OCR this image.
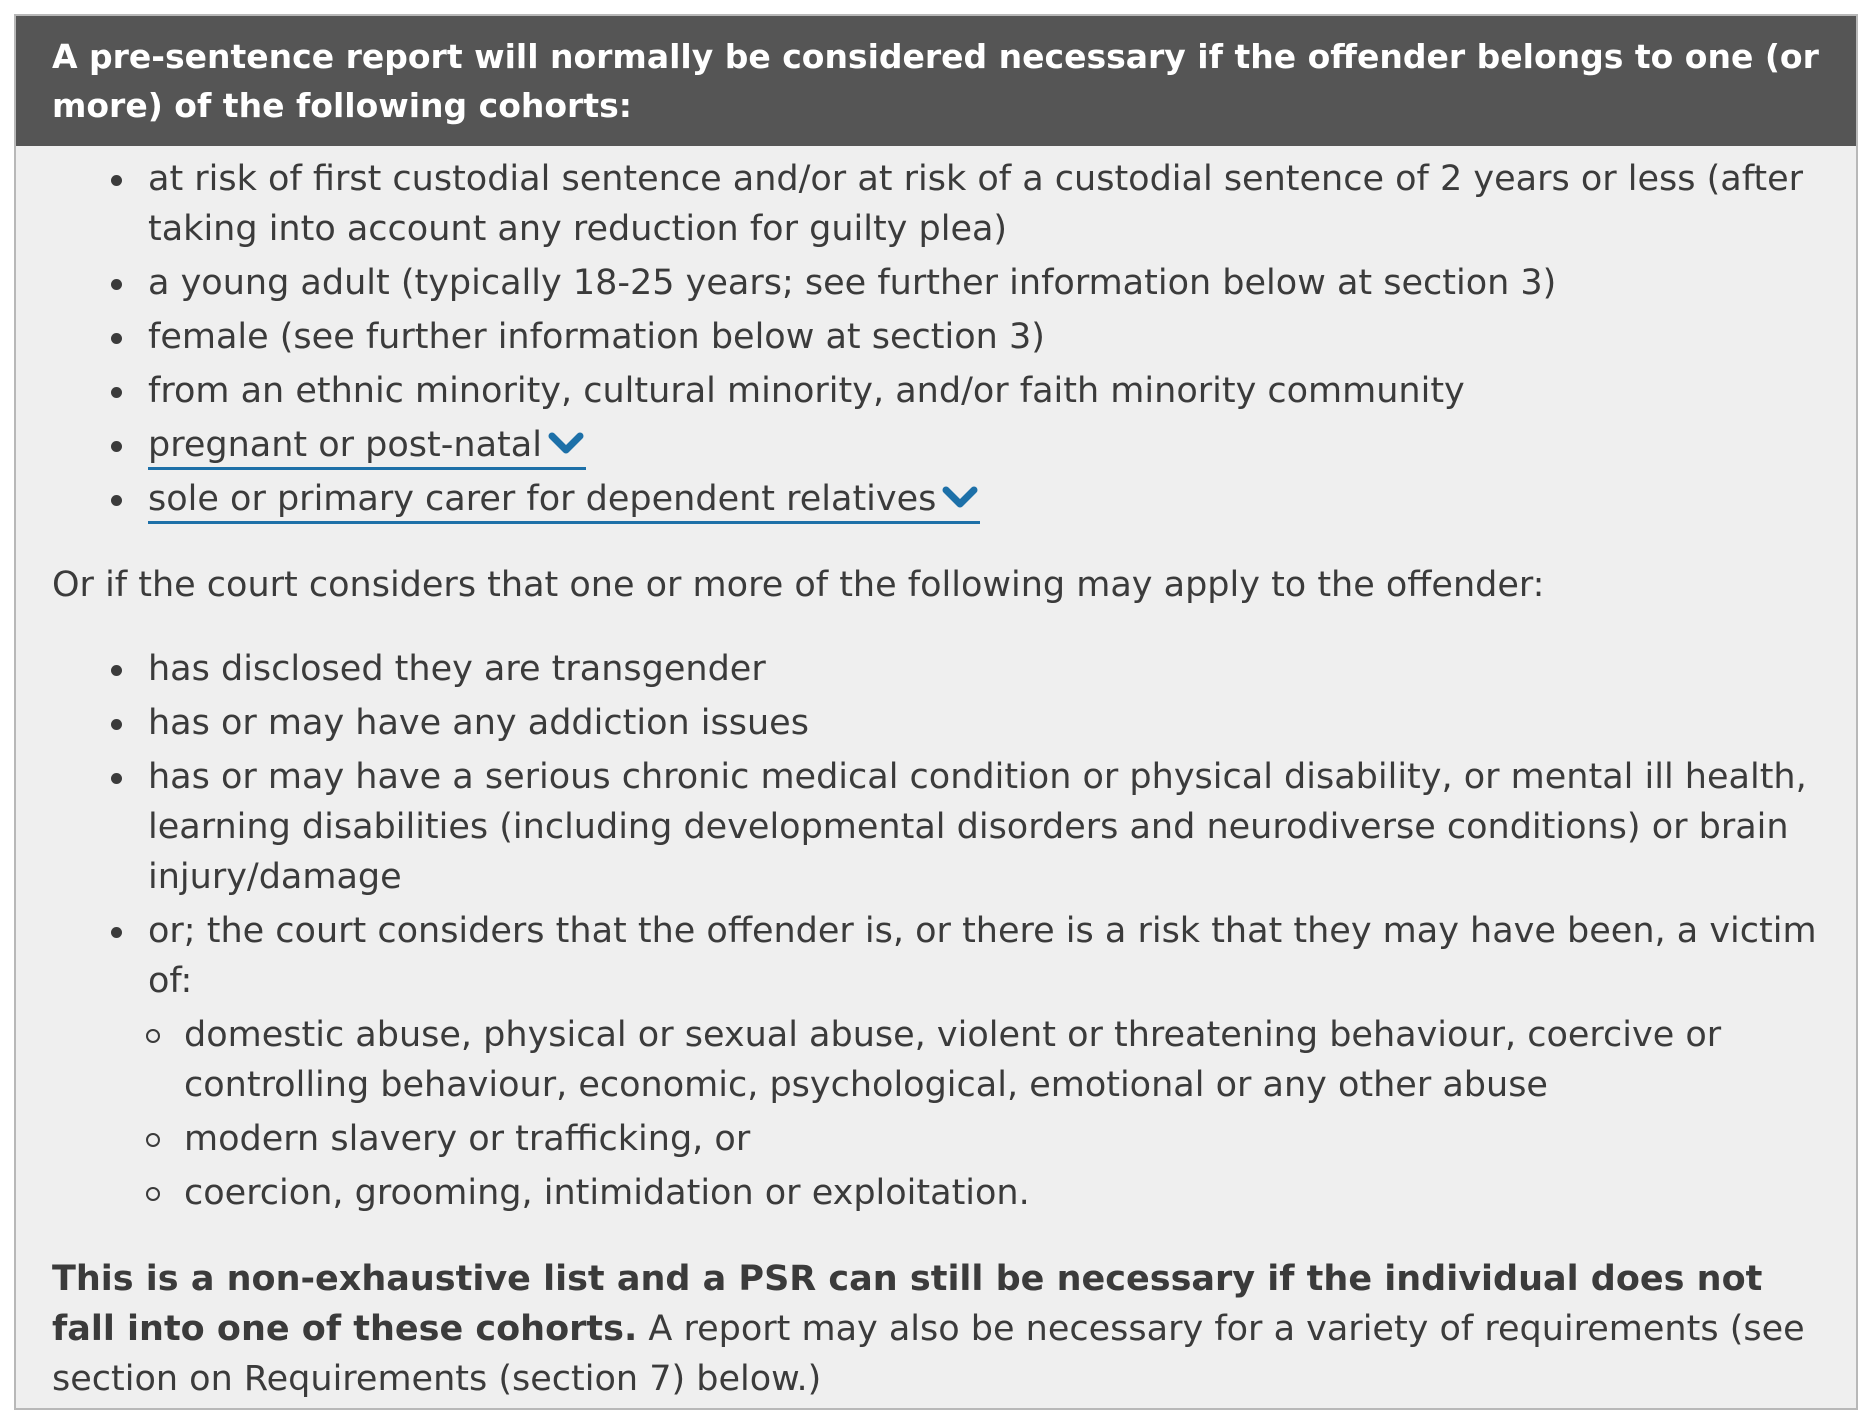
A pre-sentence report will normally be considered necessary if the offender belongs to one (or more) of the following cohorts:
at risk of first custodial sentence and/or at risk of a custodial sentence of 2 years or less (after taking into account any reduction for guilty plea)
a young adult (typically 18-25 years; see further information below at section 3)
female (see further information below at section 3)
from an ethnic minority, cultural minority, and/or faith minority community
pregnant or post-natal
sole or primary carer for dependent relatives

Or if the court considers that one or more of the following may apply to the offender:

has disclosed they are transgender
has or may have any addiction issues
has or may have a serious chronic medical condition or physical disability, or mental ill health, learning disabilities (including developmental disorders and neurodiverse conditions) or brain injury/damage
or; the court considers that the offender is, or there is a risk that they may have been, a victim of:
domestic abuse, physical or sexual abuse, violent or threatening behaviour, coercive or controlling behaviour, economic, psychological, emotional or any other abuse
modern slavery or trafficking, or
coercion, grooming, intimidation or exploitation.

This is a non-exhaustive list and a PSR can still be necessary if the individual does not fall into one of these cohorts. A report may also be necessary for a variety of requirements (see section on Requirements (section 7) below.)
